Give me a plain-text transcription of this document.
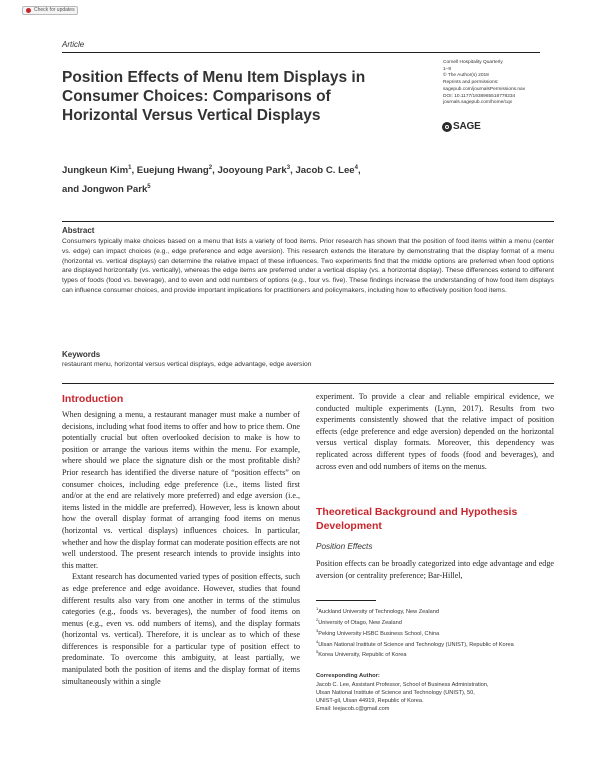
Check for updates
Article
Position Effects of Menu Item Displays in Consumer Choices: Comparisons of Horizontal Versus Vertical Displays
Cornell Hospitality Quarterly
1–9
© The Author(s) 2018
Reprints and permissions:
sagepub.com/journalsPermissions.nav
DOI: 10.1177/1938965518778234
journals.sagepub.com/home/cqx
SAGE
Jungkeun Kim$^1$, Euejung Hwang$^2$, Jooyoung Park$^3$, Jacob C. Lee$^4$,
and Jongwon Park$^5$
Abstract

Consumers typically make choices based on a menu that lists a variety of food items. Prior research has shown that the position of food items within a menu (center vs. edge) can impact choices (e.g., edge preference and edge aversion). This research extends the literature by demonstrating that the display format of a menu (horizontal vs. vertical displays) can determine the relative impact of these influences. Two experiments find that the middle options are preferred when food options are displayed horizontally (vs. vertically), whereas the edge items are preferred under a vertical display (vs. a horizontal display). These differences extend to different types of foods (food vs. beverage), and to even and odd numbers of options (e.g., four vs. five). These findings increase the understanding of how food item displays can influence consumer choices, and provide important implications for practitioners and policymakers, including how to effectively position food items.

Keywords
restaurant menu, horizontal versus vertical displays, edge advantage, edge aversion
Introduction

When designing a menu, a restaurant manager must make a number of decisions, including what food items to offer and how to price them. One potentially crucial but often overlooked decision to make is how to position or arrange the various items within the menu. For example, where should we place the signature dish or the most profitable dish? Prior research has identified the diverse nature of “position effects” on consumer choices, including edge preference (i.e., items listed first and/or at the end are relatively more preferred) and edge aversion (i.e., items listed in the middle are preferred). However, less is known about how the overall display format of arranging food items on menus (horizontal vs. vertical displays) influences choices. In particular, whether and how the display format can moderate position effects are not well understood. The present research intends to provide insights into this matter.

Extant research has documented varied types of position effects, such as edge preference and edge avoidance. However, studies that found different results also vary from one another in terms of the stimulus categories (e.g., foods vs. beverages), the number of food items on menus (e.g., even vs. odd numbers of items), and the display formats (horizontal vs. vertical). Therefore, it is unclear as to which of these differences is responsible for a particular type of position effect to predominate. To overcome this ambiguity, at least partially, we manipulated both the position of items and the display format of items simultaneously within a single

experiment. To provide a clear and reliable empirical evidence, we conducted multiple experiments (Lynn, 2017). Results from two experiments consistently showed that the relative impact of position effects (edge preference and edge aversion) depended on the horizontal versus vertical display formats. Moreover, this dependency was replicated across different types of foods (food and beverages), and across even and odd numbers of items on the menus.

Theoretical Background and Hypothesis Development
Position Effects

Position effects can be broadly categorized into edge advantage and edge aversion (or centrality preference; Bar-Hillel,

$^1$Auckland University of Technology, New Zealand
$^2$University of Otago, New Zealand
$^3$Peking University HSBC Business School, China
$^4$Ulsan National Institute of Science and Technology (UNIST), Republic of Korea
$^5$Korea University, Republic of Korea
Corresponding Author:
Jacob C. Lee, Assistant Professor, School of Business Administration,
Ulsan National Institute of Science and Technology (UNIST), 50,
UNIST-gil, Ulsan 44919, Republic of Korea.
Email: leejacob.c@gmail.com
